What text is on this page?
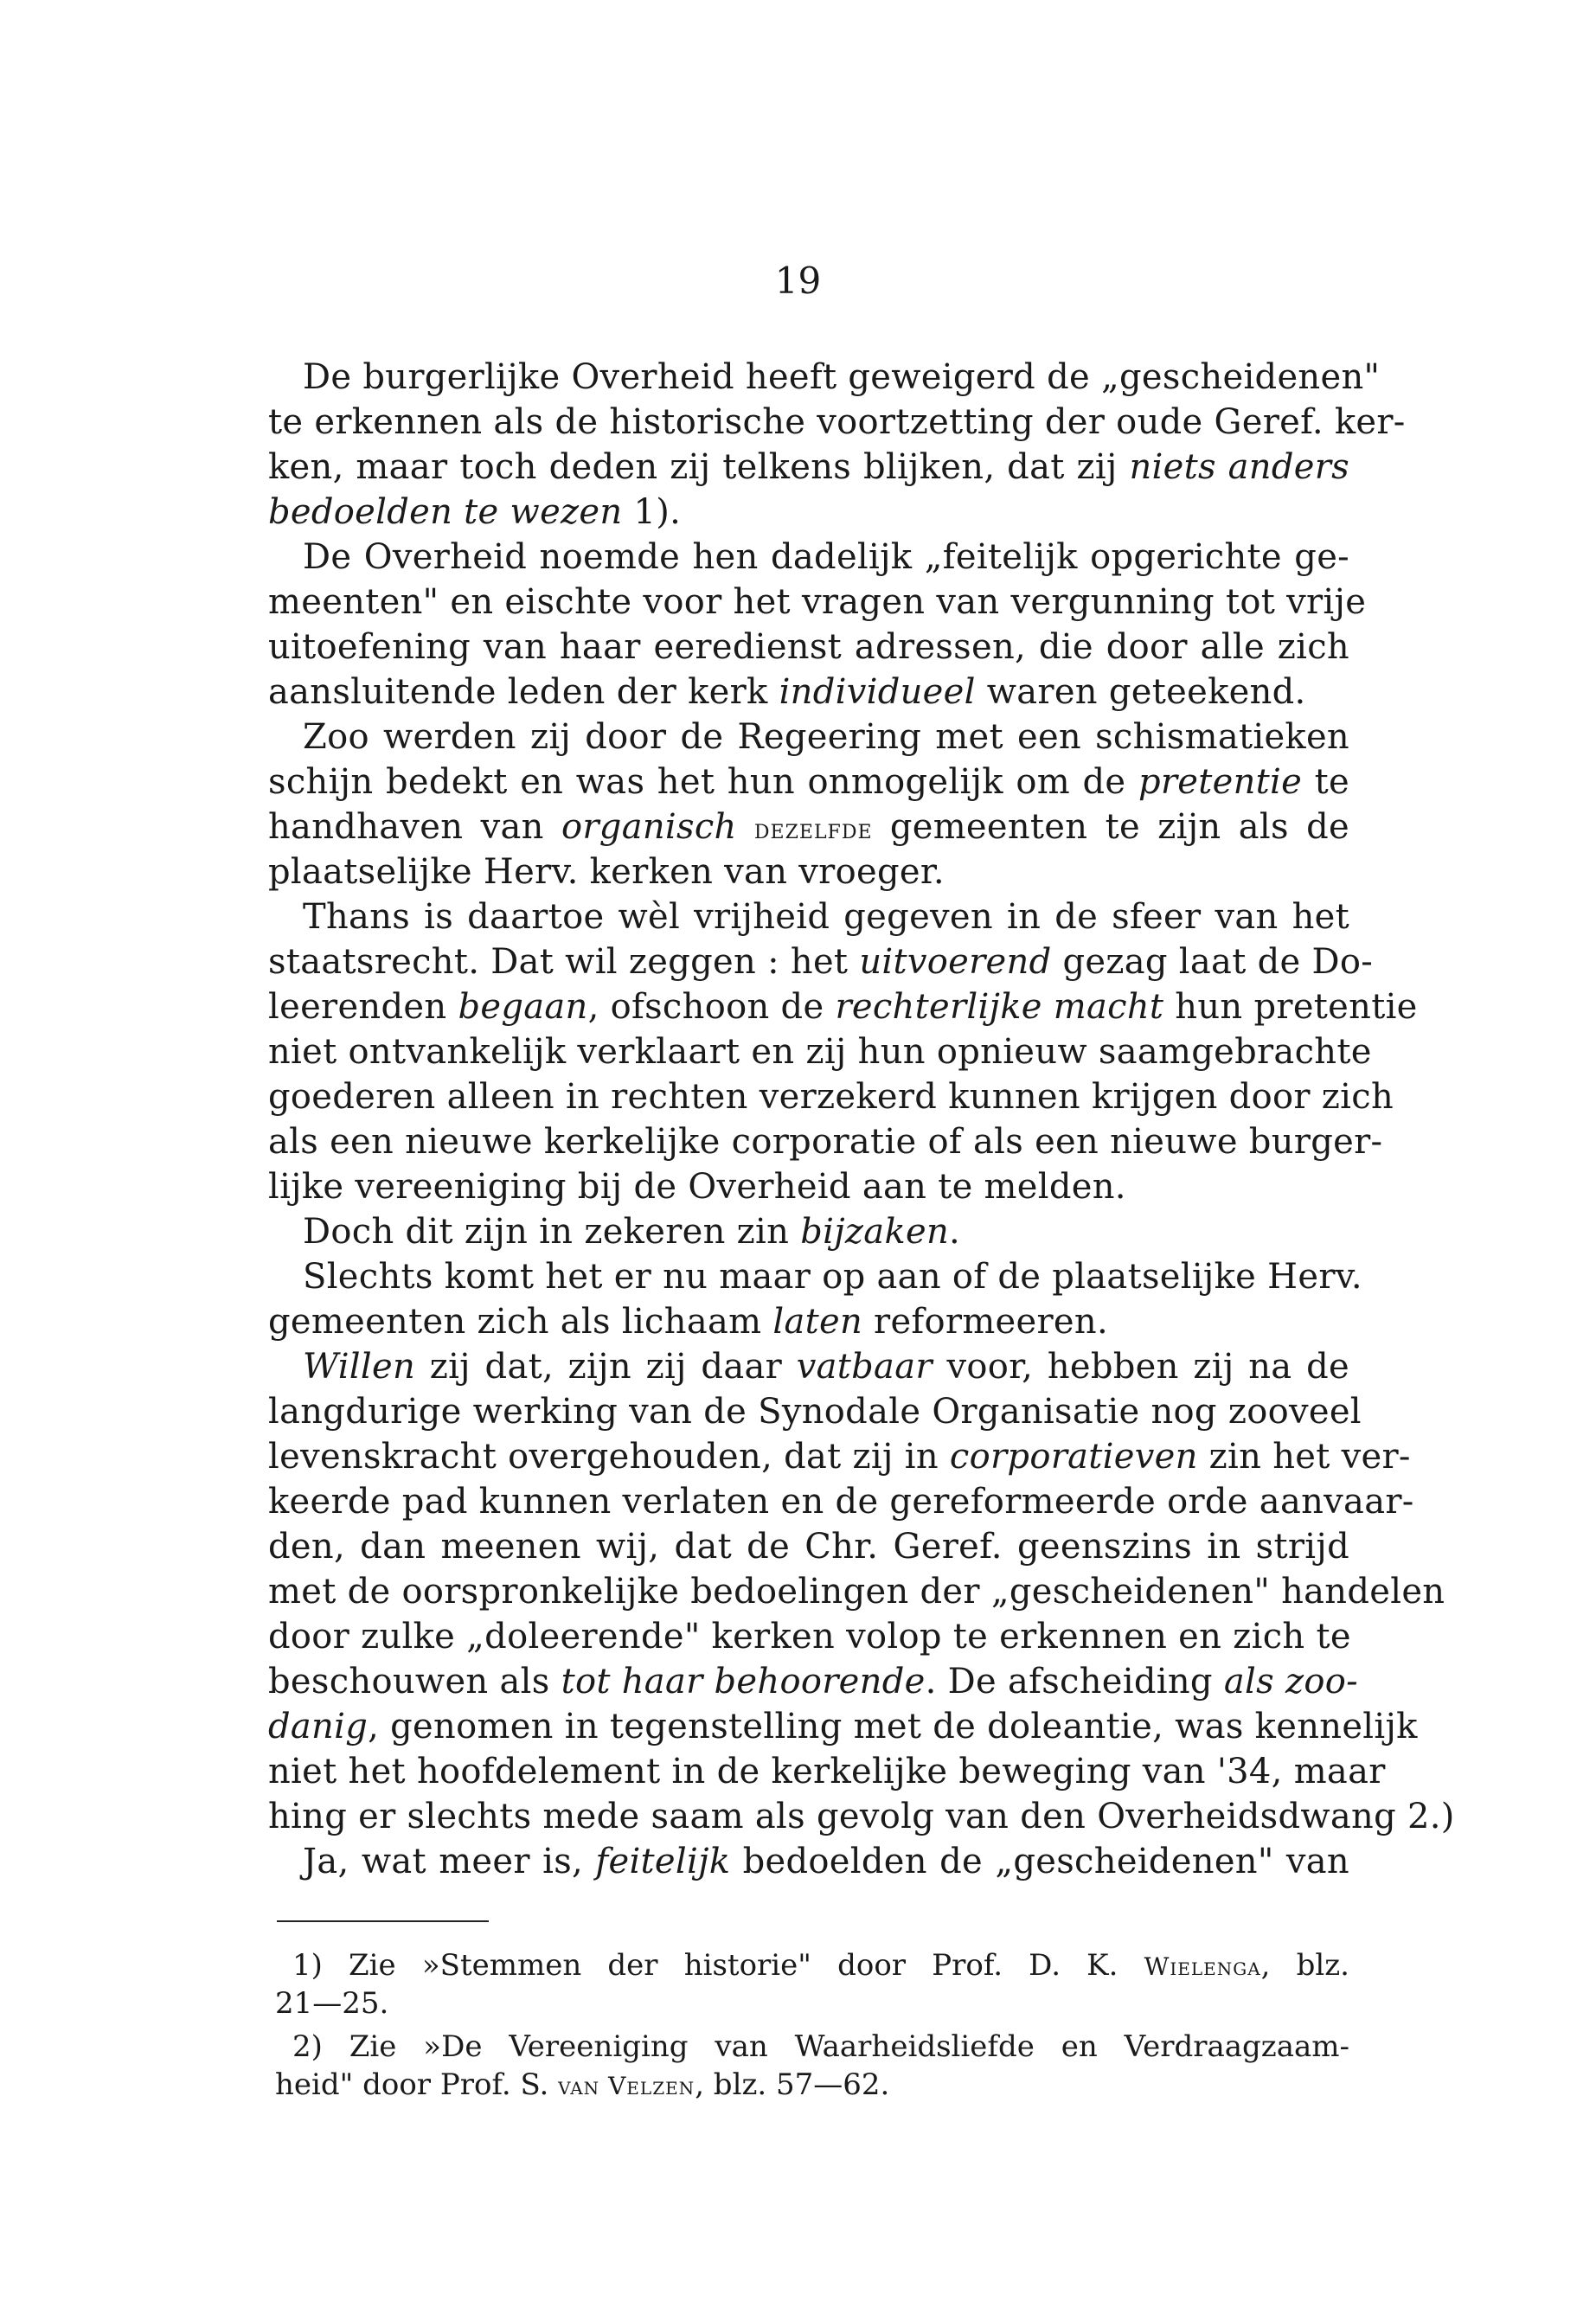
19
De burgerlijke Overheid heeft geweigerd de „gescheidenen"
te erkennen als de historische voortzetting der oude Geref. ker-
ken, maar toch deden zij telkens blijken, dat zij niets anders
bedoelden te wezen 1).
De Overheid noemde hen dadelijk „feitelijk opgerichte ge-
meenten" en eischte voor het vragen van vergunning tot vrije
uitoefening van haar eeredienst adressen, die door alle zich
aansluitende leden der kerk individueel waren geteekend.
Zoo werden zij door de Regeering met een schismatieken
schijn bedekt en was het hun onmogelijk om de pretentie te
handhaven van organisch dezelfde gemeenten te zijn als de
plaatselijke Herv. kerken van vroeger.
Thans is daartoe wèl vrijheid gegeven in de sfeer van het
staatsrecht. Dat wil zeggen : het uitvoerend gezag laat de Do-
leerenden begaan, ofschoon de rechterlijke macht hun pretentie
niet ontvankelijk verklaart en zij hun opnieuw saamgebrachte
goederen alleen in rechten verzekerd kunnen krijgen door zich
als een nieuwe kerkelijke corporatie of als een nieuwe burger-
lijke vereeniging bij de Overheid aan te melden.
Doch dit zijn in zekeren zin bijzaken.
Slechts komt het er nu maar op aan of de plaatselijke Herv.
gemeenten zich als lichaam laten reformeeren.
Willen zij dat, zijn zij daar vatbaar voor, hebben zij na de
langdurige werking van de Synodale Organisatie nog zooveel
levenskracht overgehouden, dat zij in corporatieven zin het ver-
keerde pad kunnen verlaten en de gereformeerde orde aanvaar-
den, dan meenen wij, dat de Chr. Geref. geenszins in strijd
met de oorspronkelijke bedoelingen der „gescheidenen" handelen
door zulke „doleerende" kerken volop te erkennen en zich te
beschouwen als tot haar behoorende. De afscheiding als zoo-
danig, genomen in tegenstelling met de doleantie, was kennelijk
niet het hoofdelement in de kerkelijke beweging van '34, maar
hing er slechts mede saam als gevolg van den Overheidsdwang 2.)
Ja, wat meer is, feitelijk bedoelden de „gescheidenen" van
1) Zie »Stemmen der historie" door Prof. D. K. Wielenga, blz.
21—25.
2) Zie »De Vereeniging van Waarheidsliefde en Verdraagzaam-
heid" door Prof. S. van Velzen, blz. 57—62.
